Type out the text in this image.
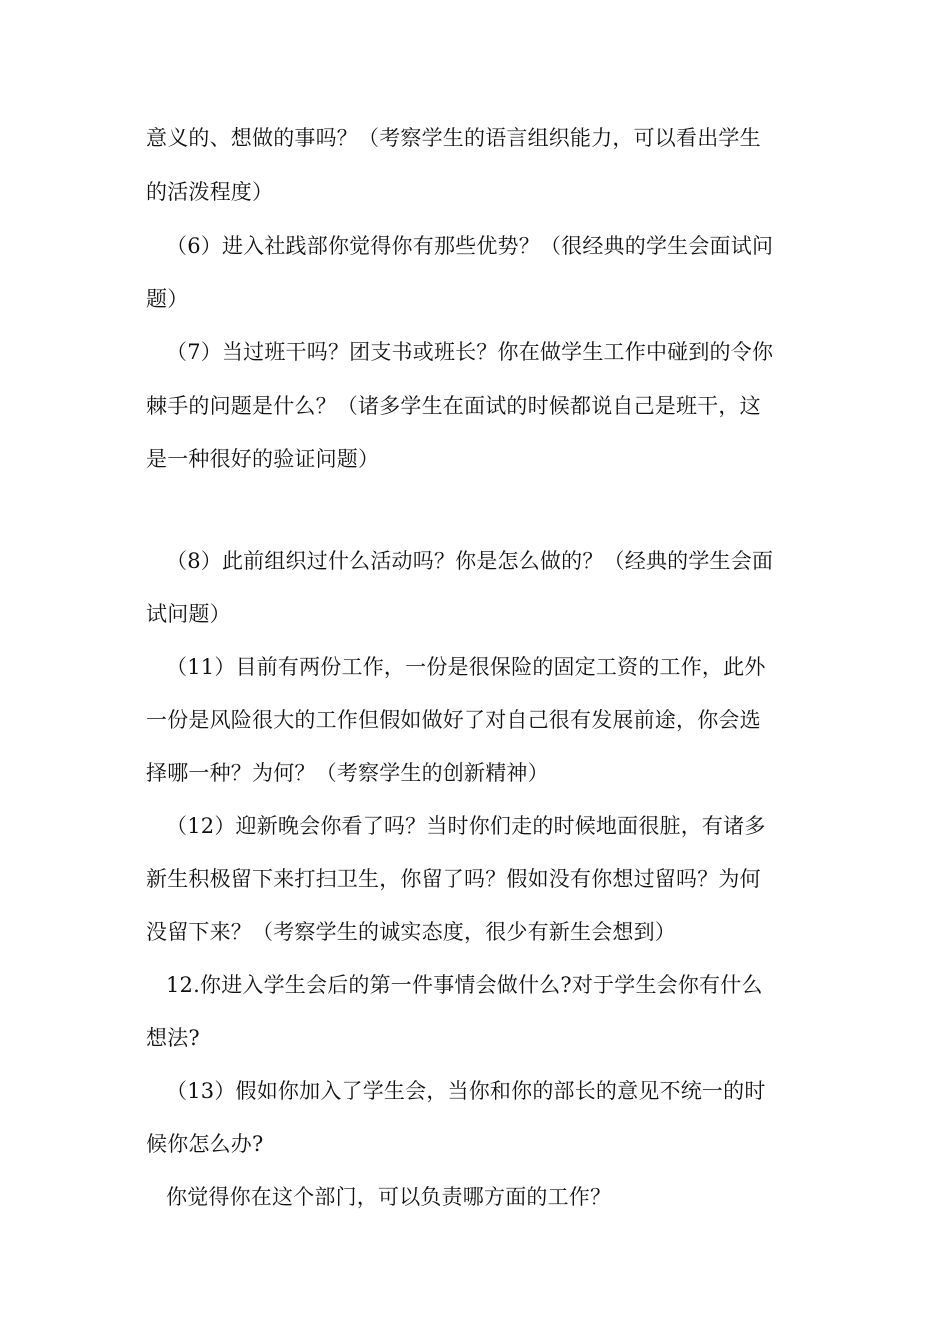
意义的、想做的事吗？（考察学生的语言组织能力，可以看出学生
的活泼程度）
（6）进入社践部你觉得你有那些优势？（很经典的学生会面试问
题）
（7）当过班干吗？团支书或班长？你在做学生工作中碰到的令你
棘手的问题是什么？（诸多学生在面试的时候都说自己是班干，这
是一种很好的验证问题）
（8）此前组织过什么活动吗？你是怎么做的？（经典的学生会面
试问题）
（11）目前有两份工作，一份是很保险的固定工资的工作，此外
一份是风险很大的工作但假如做好了对自己很有发展前途，你会选
择哪一种？为何？（考察学生的创新精神）
（12）迎新晚会你看了吗？当时你们走的时候地面很脏，有诸多
新生积极留下来打扫卫生，你留了吗？假如没有你想过留吗？为何
没留下来？（考察学生的诚实态度，很少有新生会想到）
12.你进入学生会后的第一件事情会做什么?对于学生会你有什么
想法?
（13）假如你加入了学生会，当你和你的部长的意见不统一的时
候你怎么办?
你觉得你在这个部门，可以负责哪方面的工作？
